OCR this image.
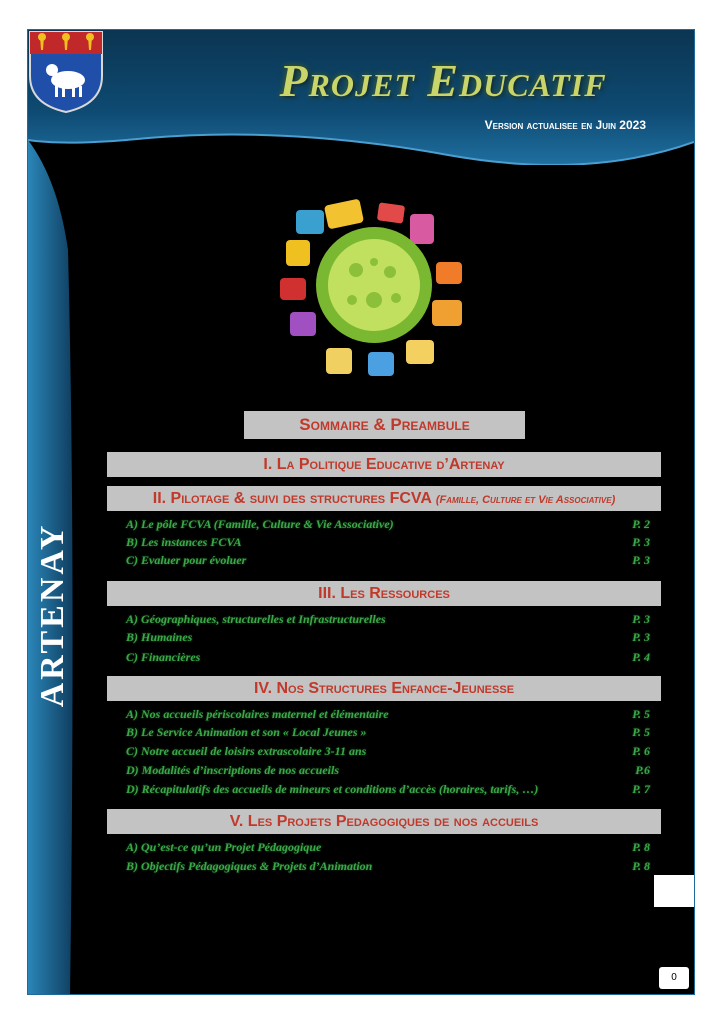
Projet Educatif
Version actualisee en Juin 2023
ARTENAY
Sommaire & Preambule
I. La Politique Educative d’Artenay
II. Pilotage & suivi des structures FCVA (Famille, Culture et Vie Associative)
A) Le pôle FCVA (Famille, Culture & Vie Associative)	P. 2
B) Les instances FCVA	P. 3
C) Evaluer pour évoluer	P. 3
III. Les Ressources
A) Géographiques, structurelles et Infrastructurelles	P. 3
B) Humaines	P. 3
C) Financières	P. 4
IV. Nos Structures Enfance-Jeunesse
A) Nos accueils périscolaires maternel et élémentaire	P. 5
B) Le Service Animation et son « Local Jeunes »	P. 5
C) Notre accueil de loisirs extrascolaire 3-11 ans	P. 6
D) Modalités d’inscriptions de nos accueils	P.6
D) Récapitulatifs des accueils de mineurs et conditions d’accès (horaires, tarifs, …)	P. 7
V. Les Projets Pedagogiques de nos accueils
A) Qu’est-ce qu’un Projet Pédagogique	P. 8
B) Objectifs Pédagogiques & Projets d’Animation	P. 8
0
